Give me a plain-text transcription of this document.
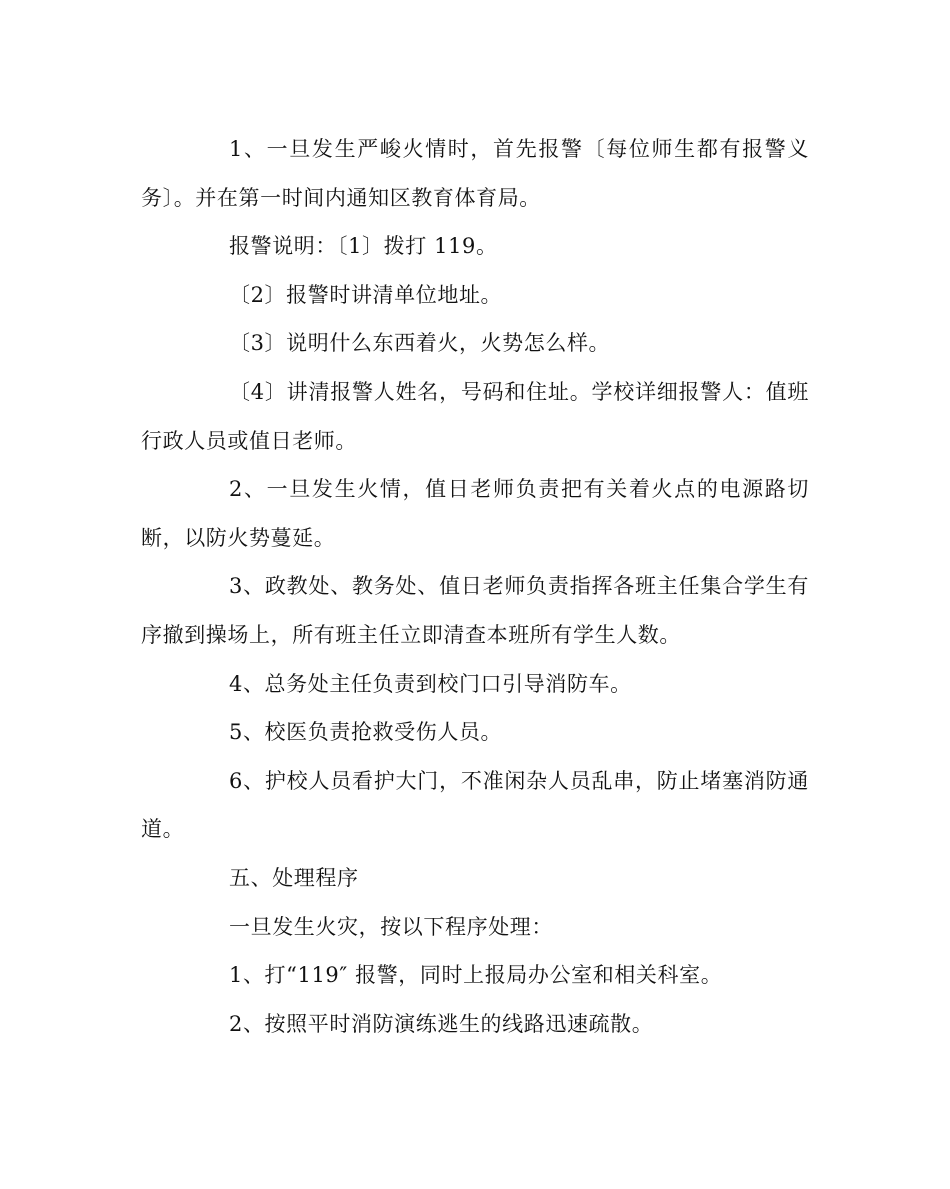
1、一旦发生严峻火情时，首先报警〔每位师生都有报警义务〕。并在第一时间内通知区教育体育局。

报警说明：〔1〕拨打 119。

〔2〕报警时讲清单位地址。

〔3〕说明什么东西着火，火势怎么样。

〔4〕讲清报警人姓名，号码和住址。学校详细报警人：值班行政人员或值日老师。

2、一旦发生火情，值日老师负责把有关着火点的电源路切断，以防火势蔓延。

3、政教处、教务处、值日老师负责指挥各班主任集合学生有序撤到操场上，所有班主任立即清查本班所有学生人数。

4、总务处主任负责到校门口引导消防车。

5、校医负责抢救受伤人员。

6、护校人员看护大门，不准闲杂人员乱串，防止堵塞消防通道。

五、处理程序

一旦发生火灾，按以下程序处理：

1、打“119″ 报警，同时上报局办公室和相关科室。

2、按照平时消防演练逃生的线路迅速疏散。
